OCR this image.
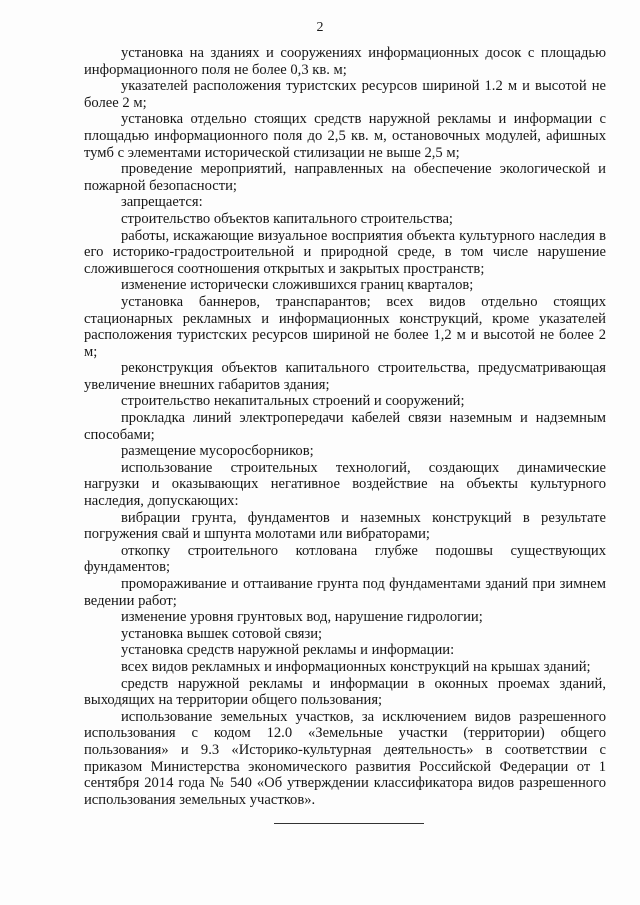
2

установка на зданиях и сооружениях информационных досок с площадью информационного поля не более 0,3 кв. м;

указателей расположения туристских ресурсов шириной 1.2 м и высотой не более 2 м;

установка отдельно стоящих средств наружной рекламы и информации с площадью информационного поля до 2,5 кв. м, остановочных модулей, афишных тумб с элементами исторической стилизации не выше 2,5 м;

проведение мероприятий, направленных на обеспечение экологической и пожарной безопасности;

запрещается:

строительство объектов капитального строительства;

работы, искажающие визуальное восприятия объекта культурного наследия в его историко-градостроительной и природной среде, в том числе нарушение сложившегося соотношения открытых и закрытых пространств;

изменение исторически сложившихся границ кварталов;

установка баннеров, транспарантов; всех видов отдельно стоящих стационарных рекламных и информационных конструкций, кроме указателей расположения туристских ресурсов шириной не более 1,2 м и высотой не более 2 м;

реконструкция объектов капитального строительства, предусматривающая увеличение внешних габаритов здания;

строительство некапитальных строений и сооружений;

прокладка линий электропередачи кабелей связи наземным и надземным способами;

размещение мусоросборников;

использование строительных технологий, создающих динамические нагрузки и оказывающих негативное воздействие на объекты культурного наследия, допускающих:

вибрации грунта, фундаментов и наземных конструкций в результате погружения свай и шпунта молотами или вибраторами;

откопку строительного котлована глубже подошвы существующих фундаментов;

промораживание и оттаивание грунта под фундаментами зданий при зимнем ведении работ;

изменение уровня грунтовых вод, нарушение гидрологии;

установка вышек сотовой связи;

установка средств наружной рекламы и информации:

всех видов рекламных и информационных конструкций на крышах зданий;

средств наружной рекламы и информации в оконных проемах зданий, выходящих на территории общего пользования;

использование земельных участков, за исключением видов разрешенного использования с кодом 12.0 «Земельные участки (территории) общего пользования» и 9.3 «Историко-культурная деятельность» в соответствии с приказом Министерства экономического развития Российской Федерации от 1 сентября 2014 года № 540 «Об утверждении классификатора видов разрешенного использования земельных участков».
